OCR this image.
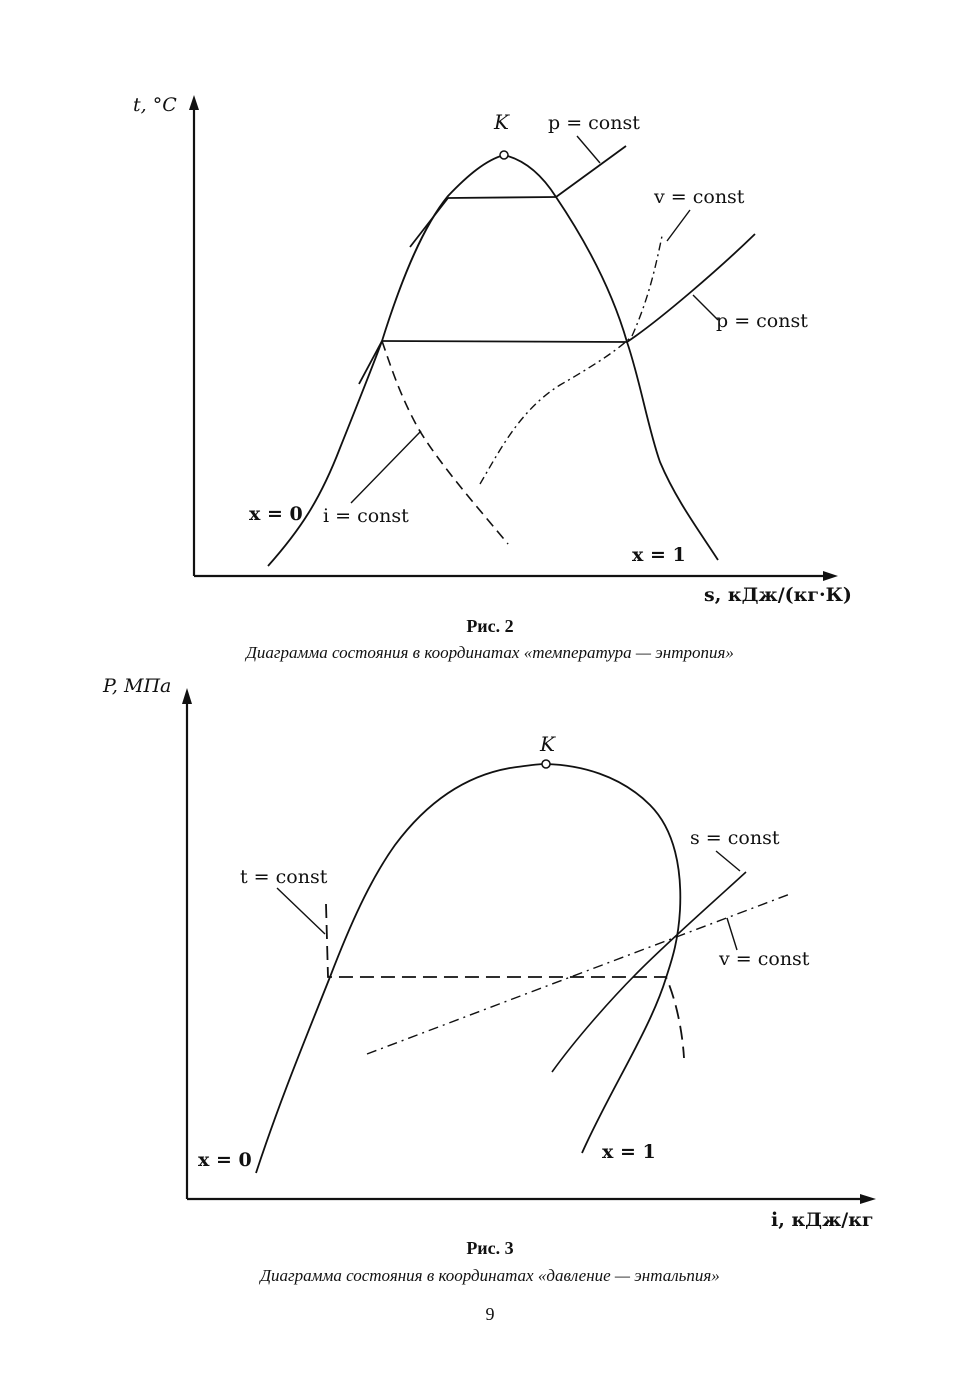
t, °C
s, кДж/(кг·К)
K p = const
v = const
p = const
x = 0 i = const
x = 1
Рис. 2
Диаграмма состояния в координатах «температура — энтропия»
P, МПа
i, кДж/кг
K
s = const
t = const
v = const
x = 0	x = 1
Рис. 3
Диаграмма состояния в координатах «давление — энтальпия»
9
